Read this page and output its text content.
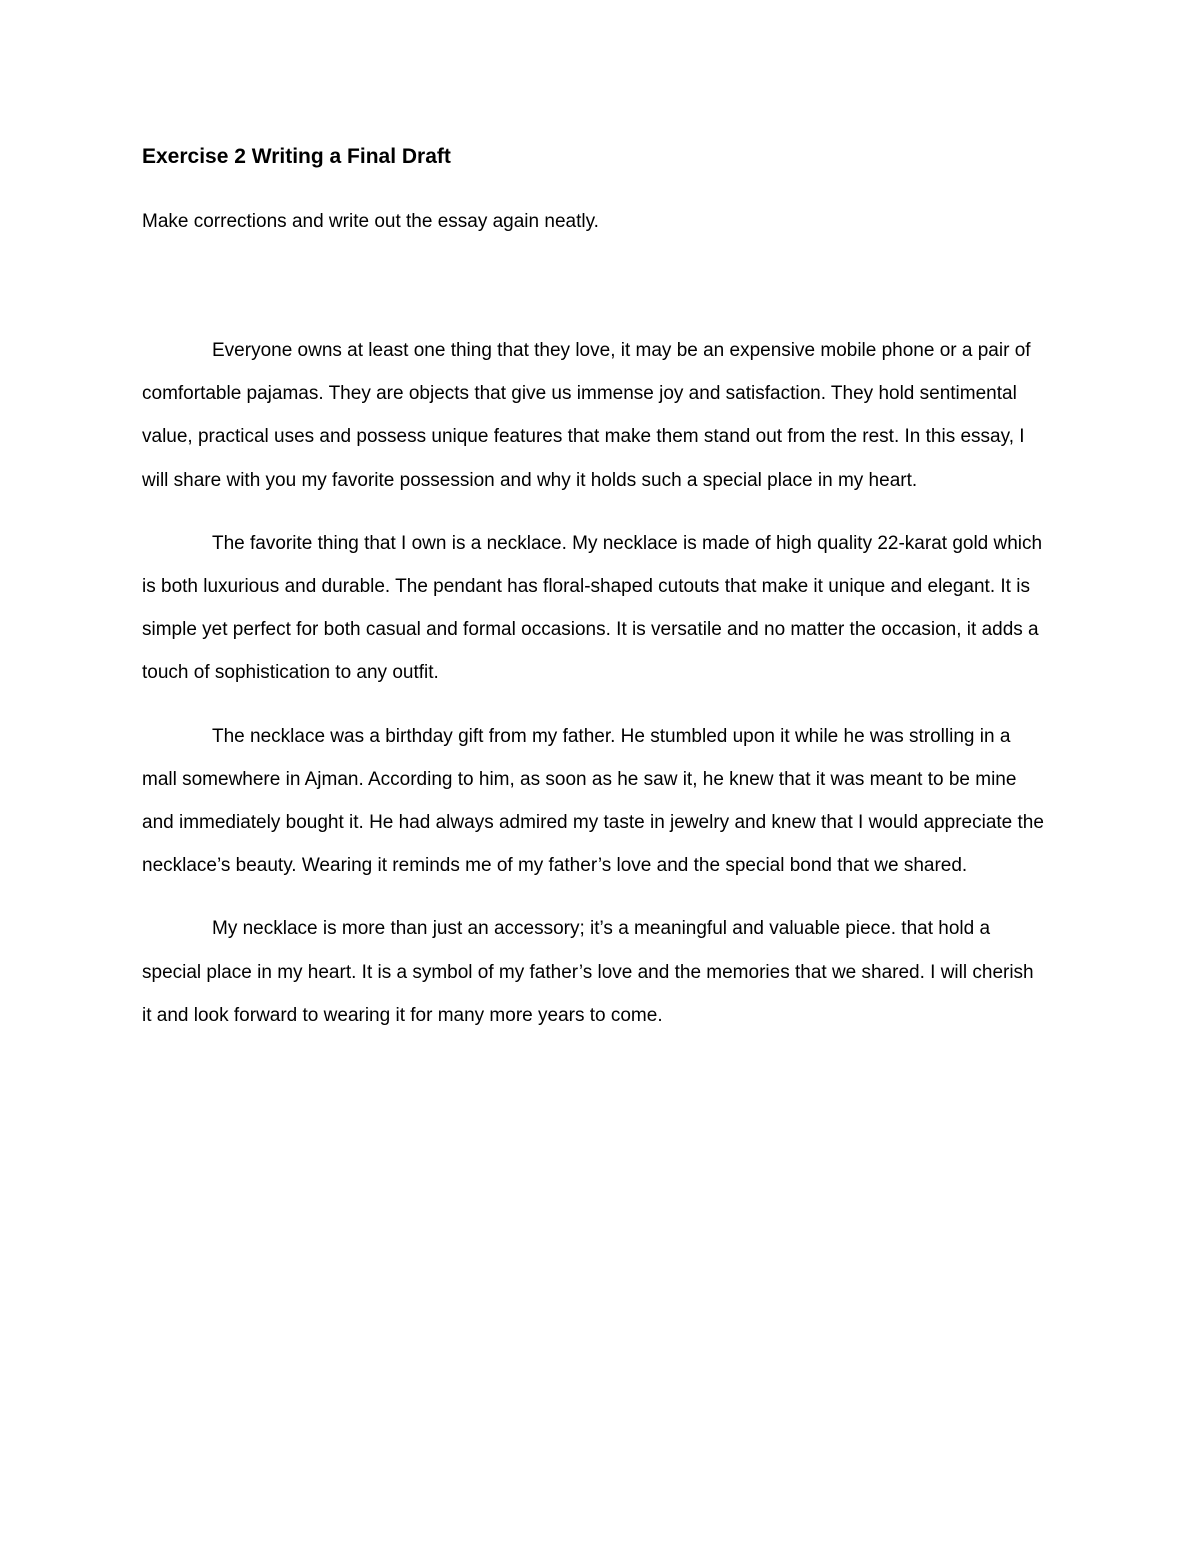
Exercise 2 Writing a Final Draft
Make corrections and write out the essay again neatly.

Everyone owns at least one thing that they love, it may be an expensive mobile phone or a pair of comfortable pajamas. They are objects that give us immense joy and satisfaction. They hold sentimental value, practical uses and possess unique features that make them stand out from the rest. In this essay, I will share with you my favorite possession and why it holds such a special place in my heart.

The favorite thing that I own is a necklace. My necklace is made of high quality 22-karat gold which is both luxurious and durable. The pendant has floral-shaped cutouts that make it unique and elegant. It is simple yet perfect for both casual and formal occasions. It is versatile and no matter the occasion, it adds a touch of sophistication to any outfit.

The necklace was a birthday gift from my father. He stumbled upon it while he was strolling in a mall somewhere in Ajman. According to him, as soon as he saw it, he knew that it was meant to be mine and immediately bought it. He had always admired my taste in jewelry and knew that I would appreciate the necklace’s beauty. Wearing it reminds me of my father’s love and the special bond that we shared.

My necklace is more than just an accessory; it’s a meaningful and valuable piece. that hold a special place in my heart. It is a symbol of my father’s love and the memories that we shared. I will cherish it and look forward to wearing it for many more years to come.
